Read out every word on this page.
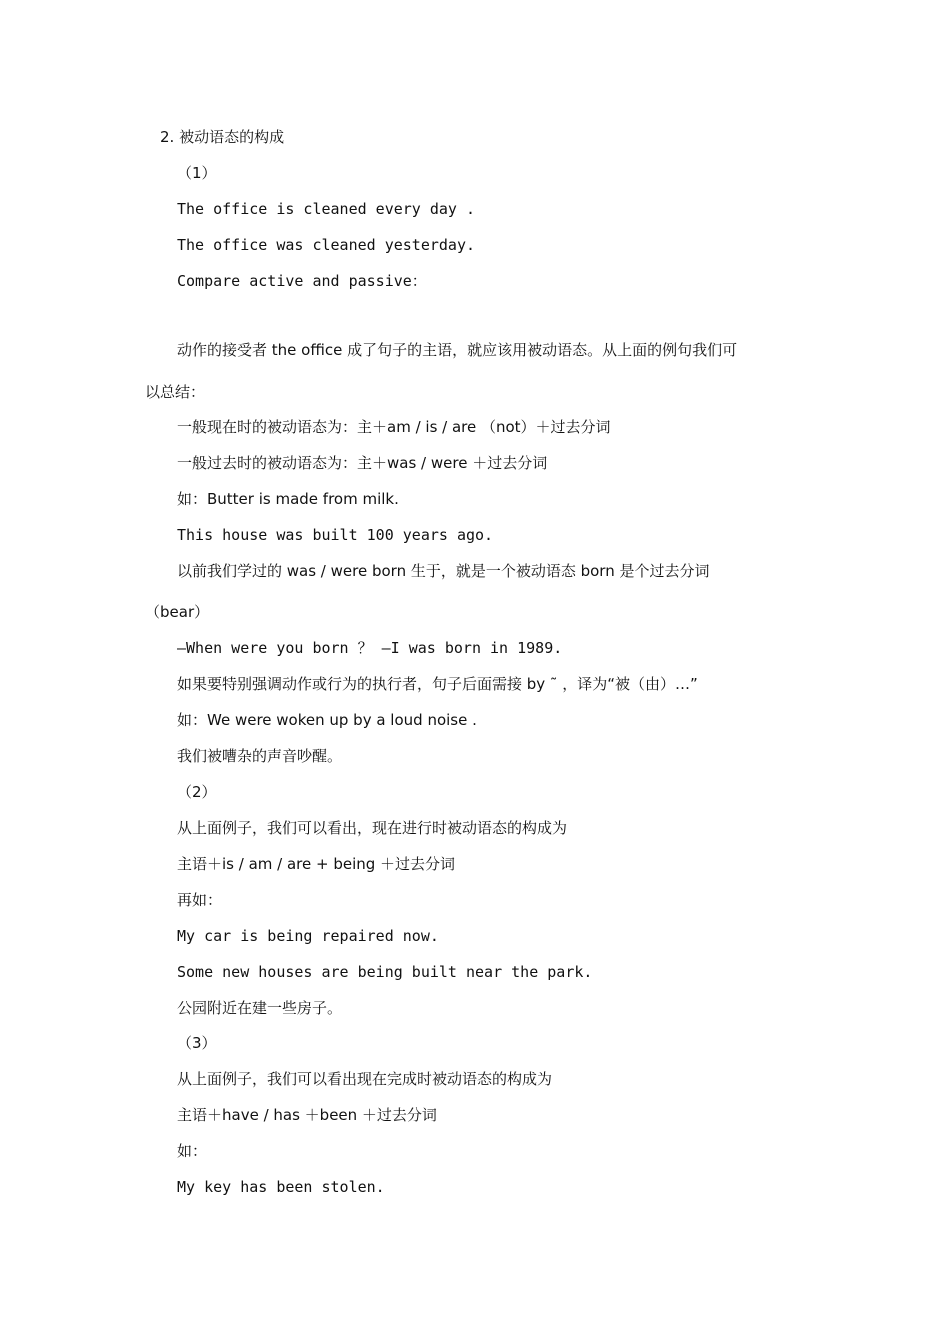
2. 被动语态的构成
（1）
The office is cleaned every day .
The office was cleaned yesterday.
Compare active and passive：
动作的接受者 the office 成了句子的主语，就应该用被动语态。从上面的例句我们可
以总结：
一般现在时的被动语态为：主＋am / is / are （not）＋过去分词
一般过去时的被动语态为：主＋was / were ＋过去分词
如：Butter is made from milk.
This house was built 100 years ago.
以前我们学过的 was / were born 生于，就是一个被动语态 born 是个过去分词
（bear）
—When were you born ？ —I was born in 1989.
如果要特别强调动作或行为的执行者，句子后面需接 by ˜ ，译为“被（由）…”
如：We were woken up by a loud noise .
我们被嘈杂的声音吵醒。
（2）
从上面例子，我们可以看出，现在进行时被动语态的构成为
主语＋is / am / are + being ＋过去分词
再如：
My car is being repaired now.
Some new houses are being built near the park.
公园附近在建一些房子。
（3）
从上面例子，我们可以看出现在完成时被动语态的构成为
主语＋have / has ＋been ＋过去分词
如：
My key has been stolen.
